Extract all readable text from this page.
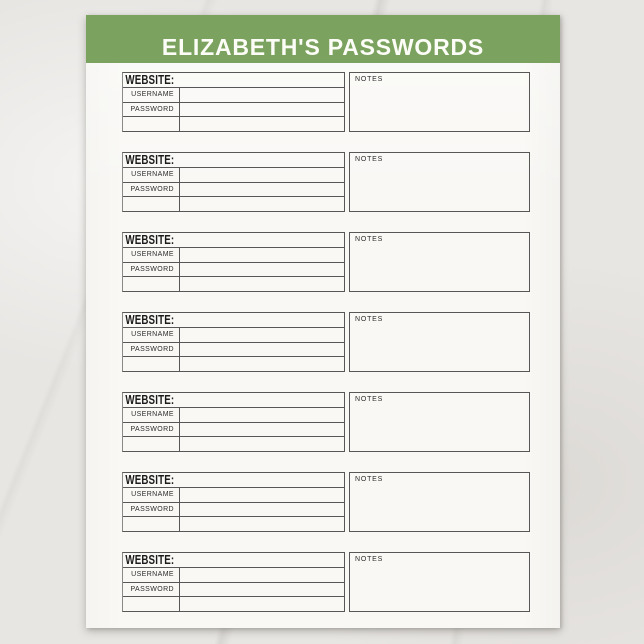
ELIZABETH'S PASSWORDS
WEBSITE:
USERNAME
PASSWORD
NOTES
WEBSITE:
USERNAME
PASSWORD
NOTES
WEBSITE:
USERNAME
PASSWORD
NOTES
WEBSITE:
USERNAME
PASSWORD
NOTES
WEBSITE:
USERNAME
PASSWORD
NOTES
WEBSITE:
USERNAME
PASSWORD
NOTES
WEBSITE:
USERNAME
PASSWORD
NOTES
